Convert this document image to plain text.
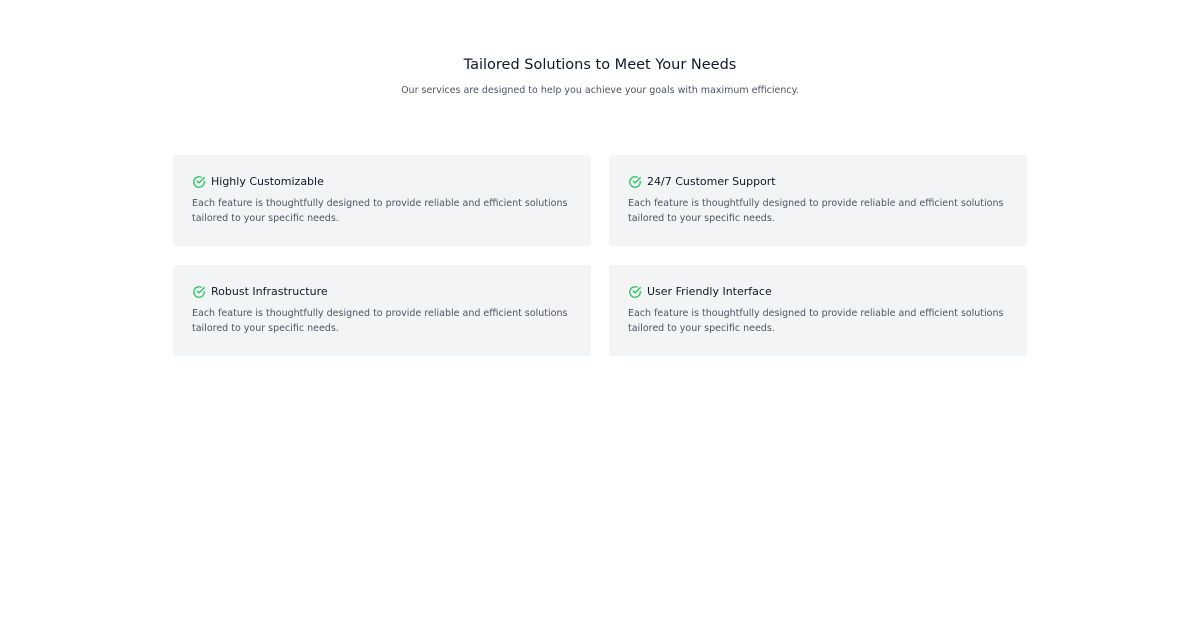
Tailored Solutions to Meet Your Needs

Our services are designed to help you achieve your goals with maximum efficiency.

Highly Customizable

Each feature is thoughtfully designed to provide reliable and efficient solutions tailored to your specific needs.

24/7 Customer Support

Each feature is thoughtfully designed to provide reliable and efficient solutions tailored to your specific needs.

Robust Infrastructure

Each feature is thoughtfully designed to provide reliable and efficient solutions tailored to your specific needs.

User Friendly Interface

Each feature is thoughtfully designed to provide reliable and efficient solutions tailored to your specific needs.
